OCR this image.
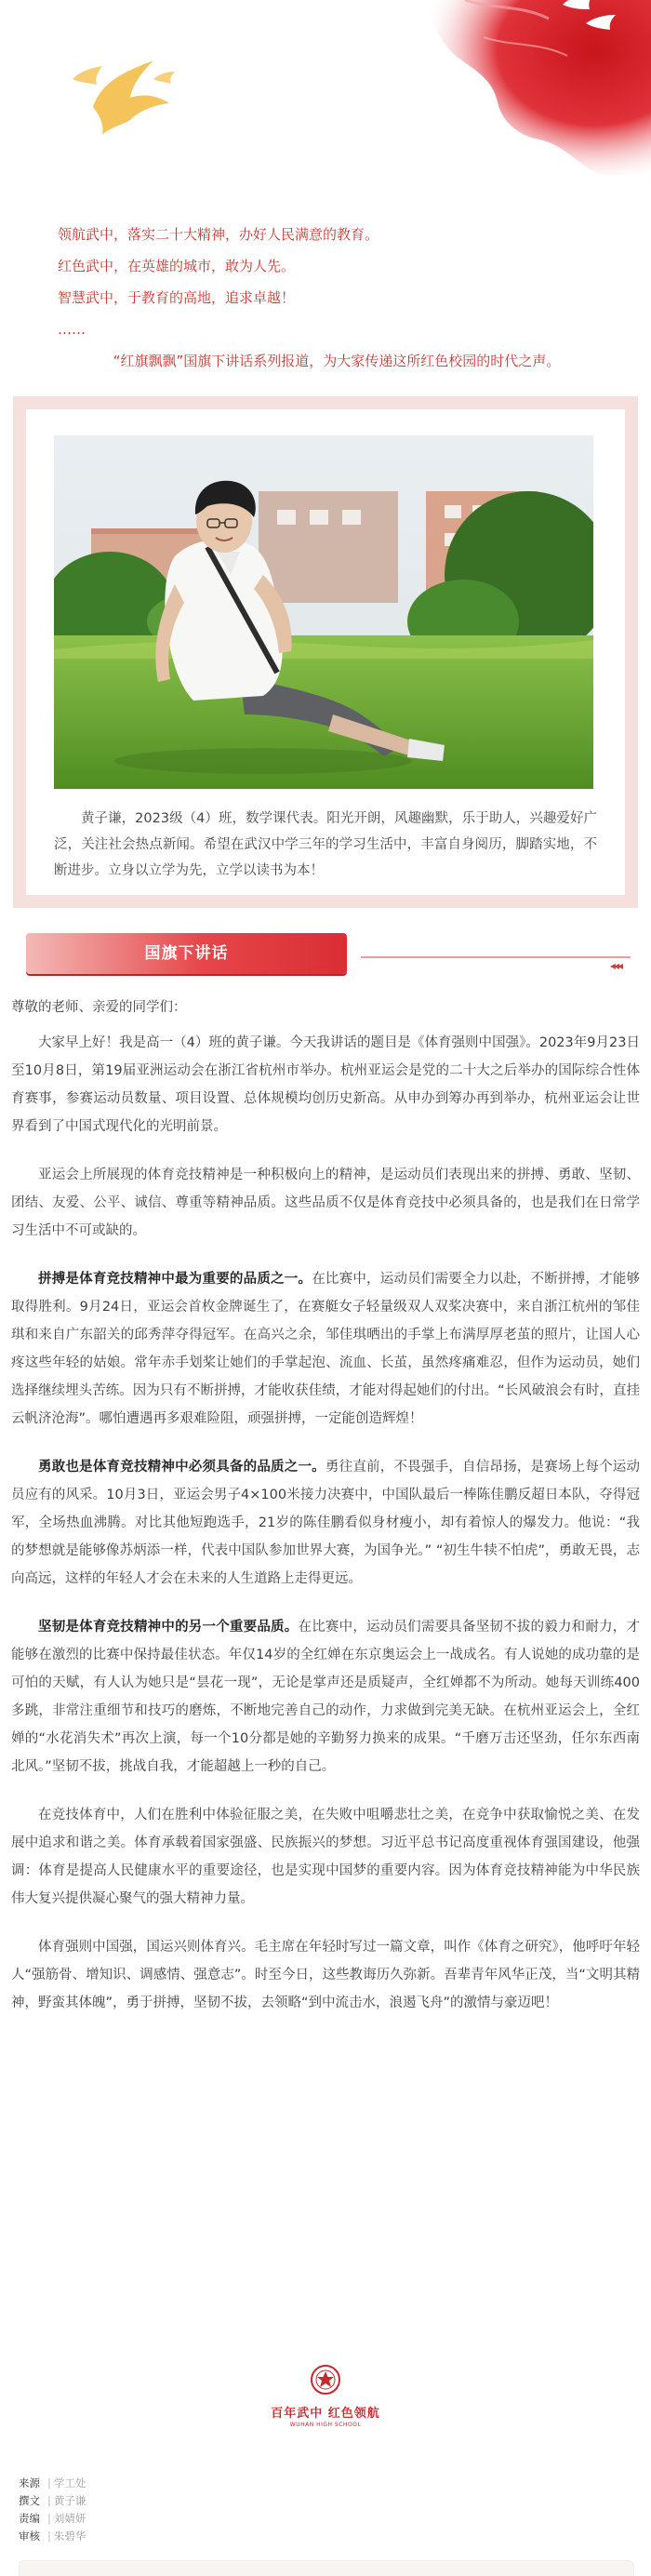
领航武中，落实二十大精神，办好人民满意的教育。

红色武中，在英雄的城市，敢为人先。

智慧武中，于教育的高地，追求卓越！

……

“红旗飘飘”国旗下讲话系列报道，为大家传递这所红色校园的时代之声。

黄子谦，2023级（4）班，数学课代表。阳光开朗，风趣幽默，乐于助人，兴趣爱好广泛，关注社会热点新闻。希望在武汉中学三年的学习生活中，丰富自身阅历，脚踏实地，不断进步。立身以立学为先，立学以读书为本！

国旗下讲话
◂◂◂

尊敬的老师、亲爱的同学们：

大家早上好！我是高一（4）班的黄子谦。今天我讲话的题目是《体育强则中国强》。2023年9月23日至10月8日，第19届亚洲运动会在浙江省杭州市举办。杭州亚运会是党的二十大之后举办的国际综合性体育赛事，参赛运动员数量、项目设置、总体规模均创历史新高。从申办到筹办再到举办，杭州亚运会让世界看到了中国式现代化的光明前景。

亚运会上所展现的体育竞技精神是一种积极向上的精神，是运动员们表现出来的拼搏、勇敢、坚韧、团结、友爱、公平、诚信、尊重等精神品质。这些品质不仅是体育竞技中必须具备的，也是我们在日常学习生活中不可或缺的。

拼搏是体育竞技精神中最为重要的品质之一。在比赛中，运动员们需要全力以赴，不断拼搏，才能够取得胜利。9月24日，亚运会首枚金牌诞生了，在赛艇女子轻量级双人双桨决赛中，来自浙江杭州的邹佳琪和来自广东韶关的邱秀萍夺得冠军。在高兴之余，邹佳琪晒出的手掌上布满厚厚老茧的照片，让国人心疼这些年轻的姑娘。常年赤手划桨让她们的手掌起泡、流血、长茧，虽然疼痛难忍，但作为运动员，她们选择继续埋头苦练。因为只有不断拼搏，才能收获佳绩，才能对得起她们的付出。“长风破浪会有时，直挂云帆济沧海”。哪怕遭遇再多艰难险阻，顽强拼搏，一定能创造辉煌！

勇敢也是体育竞技精神中必须具备的品质之一。勇往直前，不畏强手，自信昂扬，是赛场上每个运动员应有的风采。10月3日，亚运会男子4×100米接力决赛中，中国队最后一棒陈佳鹏反超日本队，夺得冠军，全场热血沸腾。对比其他短跑选手，21岁的陈佳鹏看似身材瘦小，却有着惊人的爆发力。他说：“我的梦想就是能够像苏炳添一样，代表中国队参加世界大赛，为国争光。” “初生牛犊不怕虎”，勇敢无畏，志向高远，这样的年轻人才会在未来的人生道路上走得更远。

坚韧是体育竞技精神中的另一个重要品质。在比赛中，运动员们需要具备坚韧不拔的毅力和耐力，才能够在激烈的比赛中保持最佳状态。年仅14岁的全红婵在东京奥运会上一战成名。有人说她的成功靠的是可怕的天赋，有人认为她只是“昙花一现”，无论是掌声还是质疑声，全红婵都不为所动。她每天训练400多跳，非常注重细节和技巧的磨炼，不断地完善自己的动作，力求做到完美无缺。在杭州亚运会上，全红婵的“水花消失术”再次上演，每一个10分都是她的辛勤努力换来的成果。“千磨万击还坚劲，任尔东西南北风。”坚韧不拔，挑战自我，才能超越上一秒的自己。

在竞技体育中，人们在胜利中体验征服之美，在失败中咀嚼悲壮之美，在竞争中获取愉悦之美、在发展中追求和谐之美。体育承载着国家强盛、民族振兴的梦想。习近平总书记高度重视体育强国建设，他强调：体育是提高人民健康水平的重要途径，也是实现中国梦的重要内容。因为体育竞技精神能为中华民族伟大复兴提供凝心聚气的强大精神力量。

体育强则中国强，国运兴则体育兴。毛主席在年轻时写过一篇文章，叫作《体育之研究》，他呼吁年轻人“强筋骨、增知识、调感情、强意志”。时至今日，这些教诲历久弥新。吾辈青年风华正茂，当“文明其精神，野蛮其体魄”，勇于拼搏，坚韧不拔，去领略“到中流击水，浪遏飞舟”的激情与豪迈吧！

百年武中 红色领航
WUHAN HIGH SCHOOL
来源 | 学工处
撰文 | 黄子谦
责编 | 刘婧妍
审核 | 朱碧华
